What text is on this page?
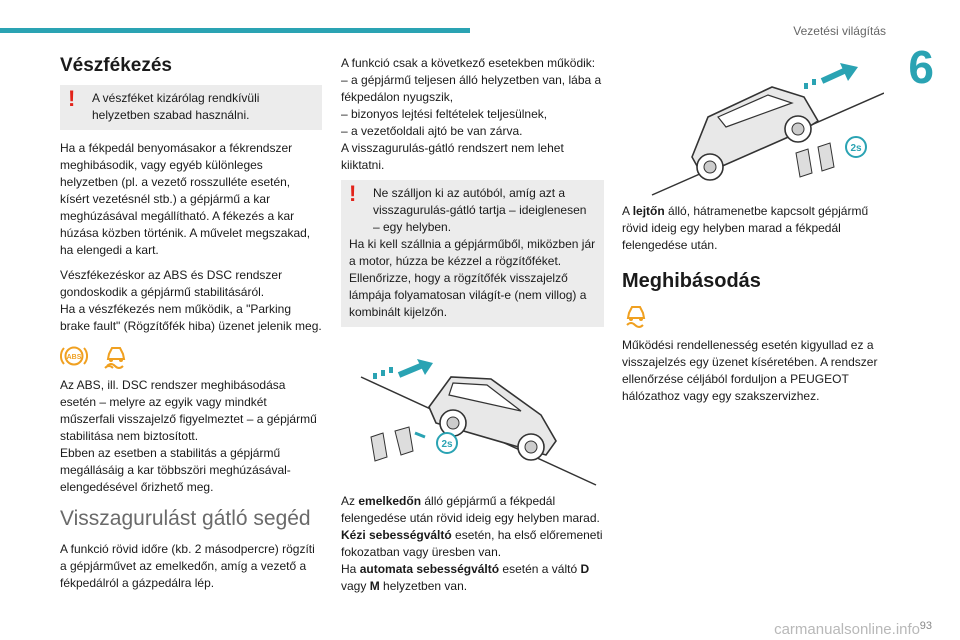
Vezetési világítás
6
Vészfékezés
!	A vészféket kizárólag rendkívüli helyzetben szabad használni.

Ha a fékpedál benyomásakor a fékrendszer meghibásodik, vagy egyéb különleges helyzetben (pl. a vezető rosszulléte esetén, kísért vezetésnél stb.) a gépjármű a kar meghúzásával megállítható. A fékezés a kar húzása közben történik. A művelet megszakad, ha elengedi a kart.

Vészfékezéskor az ABS és DSC rendszer gondoskodik a gépjármű stabilitásáról.

Ha a vészfékezés nem működik, a "Parking brake fault" (Rögzítőfék hiba) üzenet jelenik meg.

ABS

Az ABS, ill. DSC rendszer meghibásodása esetén – melyre az egyik vagy mindkét műszerfali visszajelző figyelmeztet – a gépjármű stabilitása nem biztosított.

Ebben az esetben a stabilitás a gépjármű megállásáig a kar többszöri meghúzásával-elengedésével őrizhető meg.

Visszagurulást gátló segéd

A funkció rövid időre (kb. 2 másodpercre) rögzíti a gépjárművet az emelkedőn, amíg a vezető a fékpedálról a gázpedálra lép.

A funkció csak a következő esetekben működik:
– a gépjármű teljesen álló helyzetben van, lába a fékpedálon nyugszik,
– bizonyos lejtési feltételek teljesülnek,
– a vezetőoldali ajtó be van zárva.
A visszagurulás-gátló rendszert nem lehet kiiktatni.

!	Ne szálljon ki az autóból, amíg azt a visszagurulás-gátló tartja – ideiglenesen – egy helyben.
Ha ki kell szállnia a gépjárműből, miközben jár a motor, húzza be kézzel a rögzítőféket.
Ellenőrizze, hogy a rögzítőfék visszajelző lámpája folyamatosan világít-e (nem villog) a kombinált kijelzőn.
2s

Az emelkedőn álló gépjármű a fékpedál felengedése után rövid ideig egy helyben marad.
Kézi sebességváltó esetén, ha első előremeneti fokozatban vagy üresben van.
Ha automata sebességváltó esetén a váltó D vagy M helyzetben van.

2s

A lejtőn álló, hátramenetbe kapcsolt gépjármű rövid ideig egy helyben marad a fékpedál felengedése után.

Meghibásodás

Működési rendellenesség esetén kigyullad ez a visszajelzés egy üzenet kíséretében. A rendszer ellenőrzése céljából forduljon a PEUGEOT hálózathoz vagy egy szakszervizhez.

carmanualsonline.info 93
